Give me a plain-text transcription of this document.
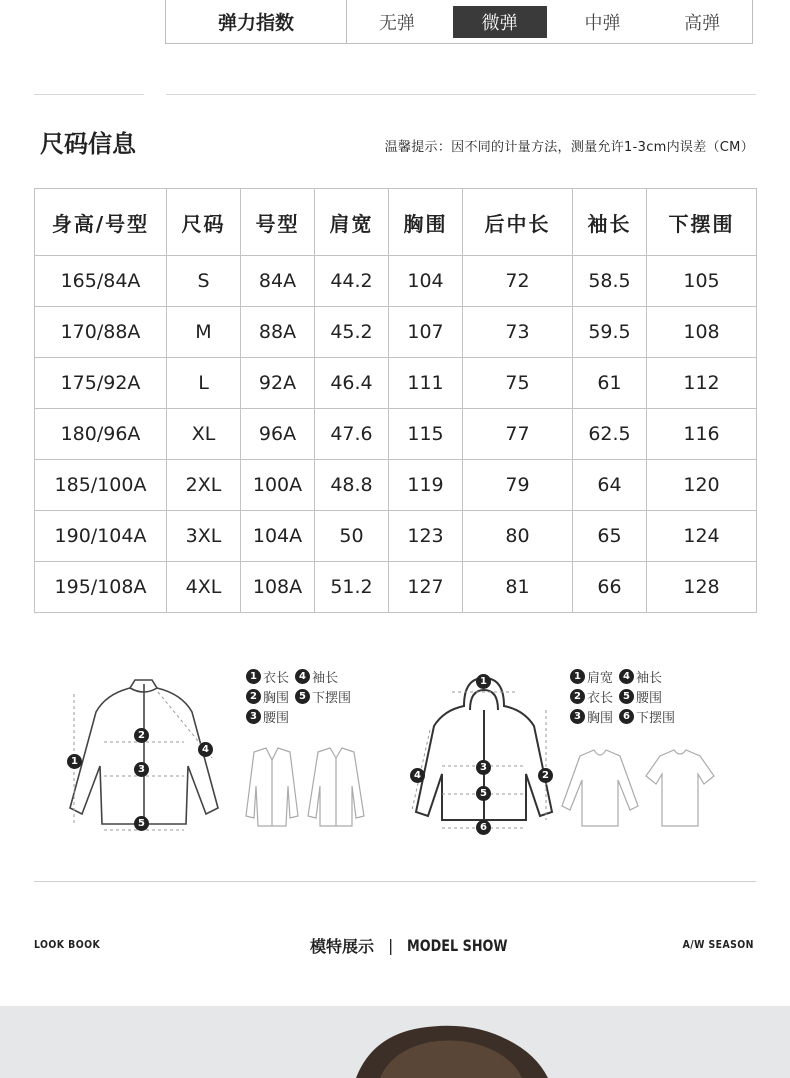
弹力指数	无弹	微弹	中弹	高弹
尺码信息	温馨提示：因不同的计量方法，测量允许1-3cm内误差（CM）
身高/号型	尺码	号型	肩宽	胸围	后中长	袖长	下摆围
165/84A	S	84A	44.2	104	72	58.5	105
170/88A	M	88A	45.2	107	73	59.5	108
175/92A	L	92A	46.4	111	75	61	112
180/96A	XL	96A	47.6	115	77	62.5	116
185/100A	2XL	100A	48.8	119	79	64	120
190/104A	3XL	104A	50	123	80	65	124
195/108A	4XL	108A	51.2	127	81	66	128
1
2
3
4
5
1 衣长	4 袖长
2 胸围	5 下摆围
3 腰围
1
2
3
4
5
6
1 肩宽	4 袖长
2 衣长	5 腰围
3 胸围	6 下摆围
LOOK BOOK	模特展示 | MODEL SHOW	A/W SEASON
